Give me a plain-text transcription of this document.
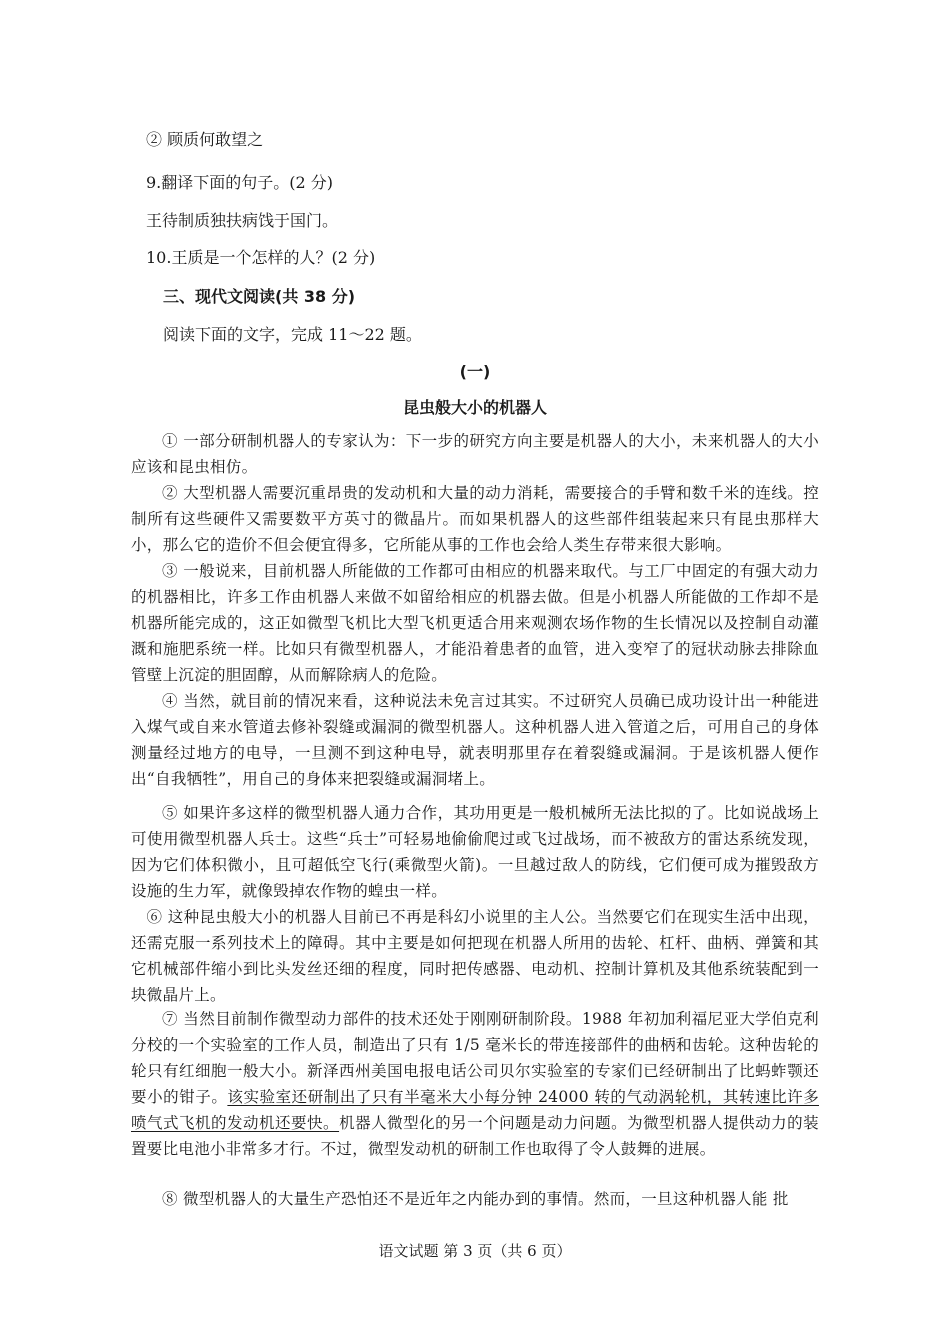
② 顾质何敢望之
9.翻译下面的句子。(2 分)
王待制质独扶病饯于国门。
10.王质是一个怎样的人？(2 分)
三、现代文阅读(共 38 分)
阅读下面的文字，完成 11～22 题。
(一)
昆虫般大小的机器人
① 一部分研制机器人的专家认为：下一步的研究方向主要是机器人的大小，未来机器人的大小应该和昆虫相仿。
② 大型机器人需要沉重昂贵的发动机和大量的动力消耗，需要接合的手臂和数千米的连线。控制所有这些硬件又需要数平方英寸的微晶片。而如果机器人的这些部件组装起来只有昆虫那样大小，那么它的造价不但会便宜得多，它所能从事的工作也会给人类生存带来很大影响。
③ 一般说来，目前机器人所能做的工作都可由相应的机器来取代。与工厂中固定的有强大动力的机器相比，许多工作由机器人来做不如留给相应的机器去做。但是小机器人所能做的工作却不是机器所能完成的，这正如微型飞机比大型飞机更适合用来观测农场作物的生长情况以及控制自动灌溉和施肥系统一样。比如只有微型机器人，才能沿着患者的血管，进入变窄了的冠状动脉去排除血管壁上沉淀的胆固醇，从而解除病人的危险。
④ 当然，就目前的情况来看，这种说法未免言过其实。不过研究人员确已成功设计出一种能进入煤气或自来水管道去修补裂缝或漏洞的微型机器人。这种机器人进入管道之后，可用自己的身体测量经过地方的电导，一旦测不到这种电导，就表明那里存在着裂缝或漏洞。于是该机器人便作出“自我牺牲”，用自己的身体来把裂缝或漏洞堵上。
⑤ 如果许多这样的微型机器人通力合作，其功用更是一般机械所无法比拟的了。比如说战场上可使用微型机器人兵士。这些“兵士”可轻易地偷偷爬过或飞过战场，而不被敌方的雷达系统发现，因为它们体积微小，且可超低空飞行(乘微型火箭)。一旦越过敌人的防线，它们便可成为摧毁敌方设施的生力军，就像毁掉农作物的蝗虫一样。
⑥ 这种昆虫般大小的机器人目前已不再是科幻小说里的主人公。当然要它们在现实生活中出现，还需克服一系列技术上的障碍。其中主要是如何把现在机器人所用的齿轮、杠杆、曲柄、弹簧和其它机械部件缩小到比头发丝还细的程度，同时把传感器、电动机、控制计算机及其他系统装配到一块微晶片上。
⑦ 当然目前制作微型动力部件的技术还处于刚刚研制阶段。1988 年初加利福尼亚大学伯克利分校的一个实验室的工作人员，制造出了只有 1/5 毫米长的带连接部件的曲柄和齿轮。这种齿轮的轮只有红细胞一般大小。新泽西州美国电报电话公司贝尔实验室的专家们已经研制出了比蚂蚱颚还要小的钳子。该实验室还研制出了只有半毫米大小每分钟 24000 转的气动涡轮机，其转速比许多喷气式飞机的发动机还要快。机器人微型化的另一个问题是动力问题。为微型机器人提供动力的装置要比电池小非常多才行。不过，微型发动机的研制工作也取得了令人鼓舞的进展。
⑧ 微型机器人的大量生产恐怕还不是近年之内能办到的事情。然而，一旦这种机器人能 批
语文试题 第 3 页（共 6 页）
